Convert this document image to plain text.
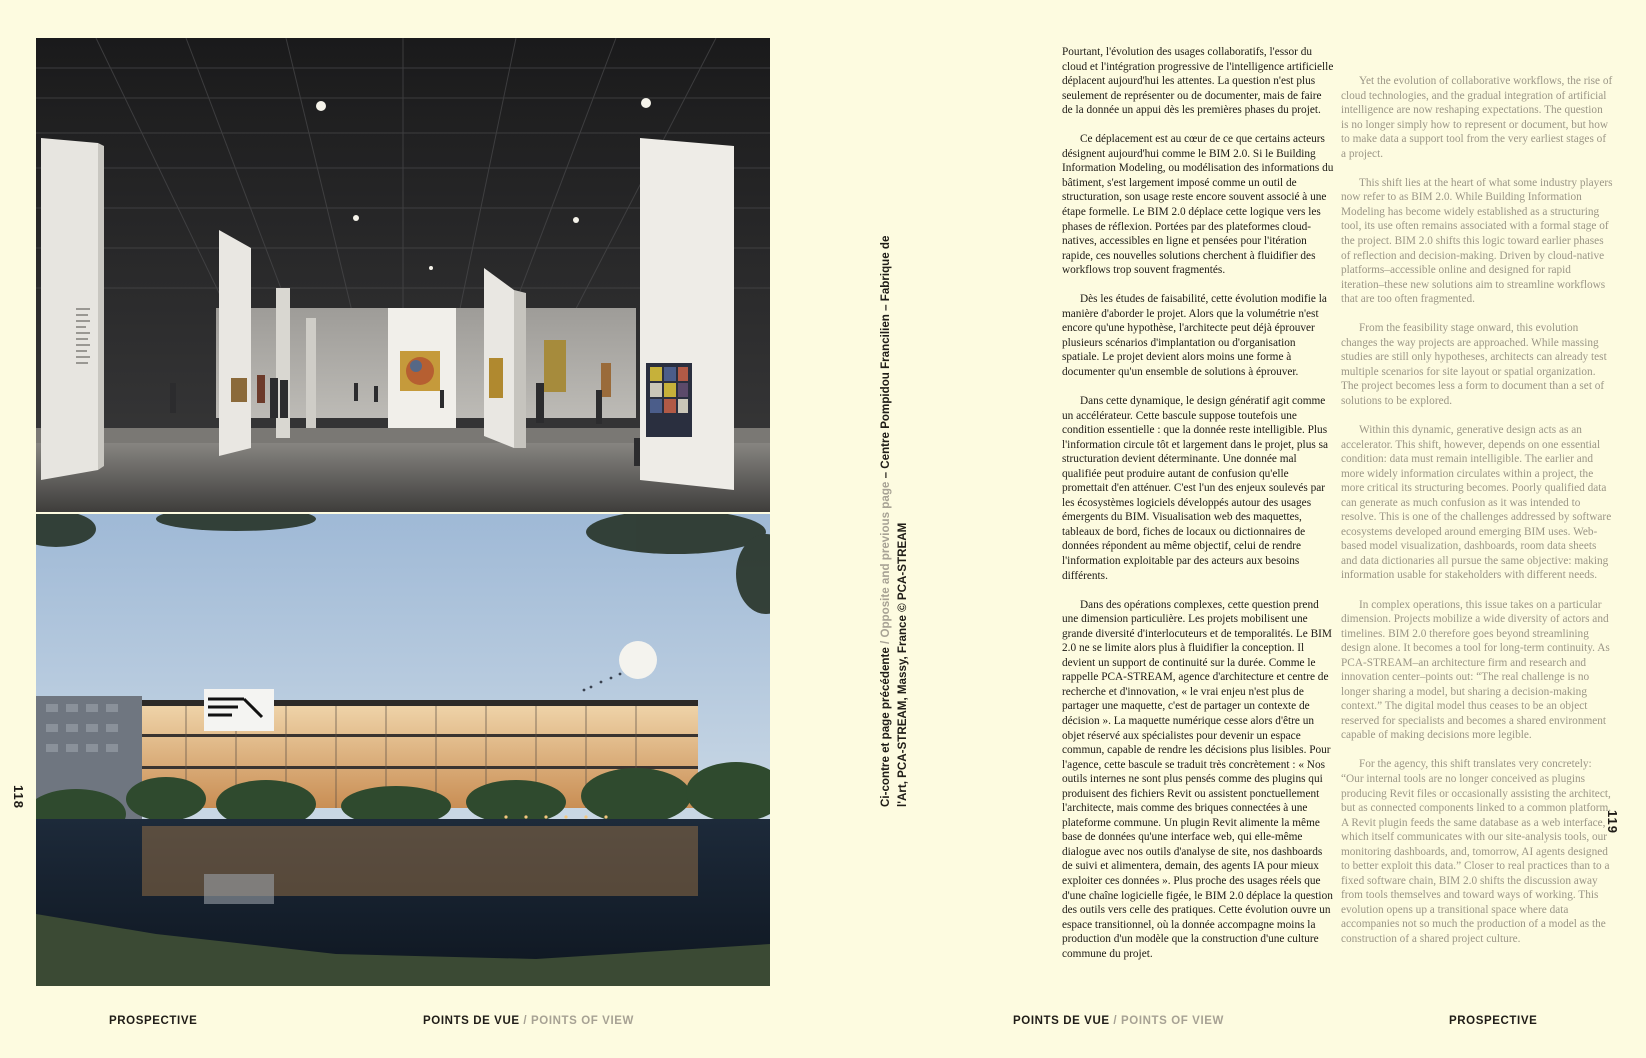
118
119
Ci-contre et page précédente / Opposite and previous page – Centre Pompidou Francilien – Fabrique de l'Art, PCA-STREAM, Massy, France © PCA-STREAM

Pourtant, l'évolution des usages collaboratifs, l'essor du cloud et l'intégration progressive de l'intelligence artificielle déplacent aujourd'hui les attentes. La question n'est plus seulement de représenter ou de documenter, mais de faire de la donnée un appui dès les premières phases du projet.

Ce déplacement est au cœur de ce que certains acteurs désignent aujourd'hui comme le BIM 2.0. Si le Building Information Modeling, ou modélisation des informations du bâtiment, s'est largement imposé comme un outil de structuration, son usage reste encore souvent associé à une étape formelle. Le BIM 2.0 déplace cette logique vers les phases de réflexion. Portées par des plateformes cloud-natives, accessibles en ligne et pensées pour l'itération rapide, ces nouvelles solutions cherchent à fluidifier des workflows trop souvent fragmentés.

Dès les études de faisabilité, cette évolution modifie la manière d'aborder le projet. Alors que la volumétrie n'est encore qu'une hypothèse, l'architecte peut déjà éprouver plusieurs scénarios d'implantation ou d'organisation spatiale. Le projet devient alors moins une forme à documenter qu'un ensemble de solutions à éprouver.

Dans cette dynamique, le design génératif agit comme un accélérateur. Cette bascule suppose toutefois une condition essentielle : que la donnée reste intelligible. Plus l'information circule tôt et largement dans le projet, plus sa structuration devient déterminante. Une donnée mal qualifiée peut produire autant de confusion qu'elle promettait d'en atténuer. C'est l'un des enjeux soulevés par les écosystèmes logiciels développés autour des usages émergents du BIM. Visualisation web des maquettes, tableaux de bord, fiches de locaux ou dictionnaires de données répondent au même objectif, celui de rendre l'information exploitable par des acteurs aux besoins différents.

Dans des opérations complexes, cette question prend une dimension particulière. Les projets mobilisent une grande diversité d'interlocuteurs et de temporalités. Le BIM 2.0 ne se limite alors plus à fluidifier la conception. Il devient un support de continuité sur la durée. Comme le rappelle PCA-STREAM, agence d'architecture et centre de recherche et d'innovation, « le vrai enjeu n'est plus de partager une maquette, c'est de partager un contexte de décision ». La maquette numérique cesse alors d'être un objet réservé aux spécialistes pour devenir un espace commun, capable de rendre les décisions plus lisibles. Pour l'agence, cette bascule se traduit très concrètement : « Nos outils internes ne sont plus pensés comme des plugins qui produisent des fichiers Revit ou assistent ponctuellement l'architecte, mais comme des briques connectées à une plateforme commune. Un plugin Revit alimente la même base de données qu'une interface web, qui elle-même dialogue avec nos outils d'analyse de site, nos dashboards de suivi et alimentera, demain, des agents IA pour mieux exploiter ces données ». Plus proche des usages réels que d'une chaîne logicielle figée, le BIM 2.0 déplace la question des outils vers celle des pratiques. Cette évolution ouvre un espace transitionnel, où la donnée accompagne moins la production d'un modèle que la construction d'une culture commune du projet.

Yet the evolution of collaborative workflows, the rise of cloud technologies, and the gradual integration of artificial intelligence are now reshaping expectations. The question is no longer simply how to represent or document, but how to make data a support tool from the very earliest stages of a project.

This shift lies at the heart of what some industry players now refer to as BIM 2.0. While Building Information Modeling has become widely established as a structuring tool, its use often remains associated with a formal stage of the project. BIM 2.0 shifts this logic toward earlier phases of reflection and decision-making. Driven by cloud-native platforms–accessible online and designed for rapid iteration–these new solutions aim to streamline workflows that are too often fragmented.

From the feasibility stage onward, this evolution changes the way projects are approached. While massing studies are still only hypotheses, architects can already test multiple scenarios for site layout or spatial organization. The project becomes less a form to document than a set of solutions to be explored.

Within this dynamic, generative design acts as an accelerator. This shift, however, depends on one essential condition: data must remain intelligible. The earlier and more widely information circulates within a project, the more critical its structuring becomes. Poorly qualified data can generate as much confusion as it was intended to resolve. This is one of the challenges addressed by software ecosystems developed around emerging BIM uses. Web-based model visualization, dashboards, room data sheets and data dictionaries all pursue the same objective: making information usable for stakeholders with different needs.

In complex operations, this issue takes on a particular dimension. Projects mobilize a wide diversity of actors and timelines. BIM 2.0 therefore goes beyond streamlining design alone. It becomes a tool for long-term continuity. As PCA-STREAM–an architecture firm and research and innovation center–points out: “The real challenge is no longer sharing a model, but sharing a decision-making context.” The digital model thus ceases to be an object reserved for specialists and becomes a shared environment capable of making decisions more legible.

For the agency, this shift translates very concretely: “Our internal tools are no longer conceived as plugins producing Revit files or occasionally assisting the architect, but as connected components linked to a common platform. A Revit plugin feeds the same database as a web interface, which itself communicates with our site-analysis tools, our monitoring dashboards, and, tomorrow, AI agents designed to better exploit this data.” Closer to real practices than to a fixed software chain, BIM 2.0 shifts the discussion away from tools themselves and toward ways of working. This evolution opens up a transitional space where data accompanies not so much the production of a model as the construction of a shared project culture.

PROSPECTIVE	POINTS DE VUE / POINTS OF VIEW	POINTS DE VUE / POINTS OF VIEW	PROSPECTIVE
